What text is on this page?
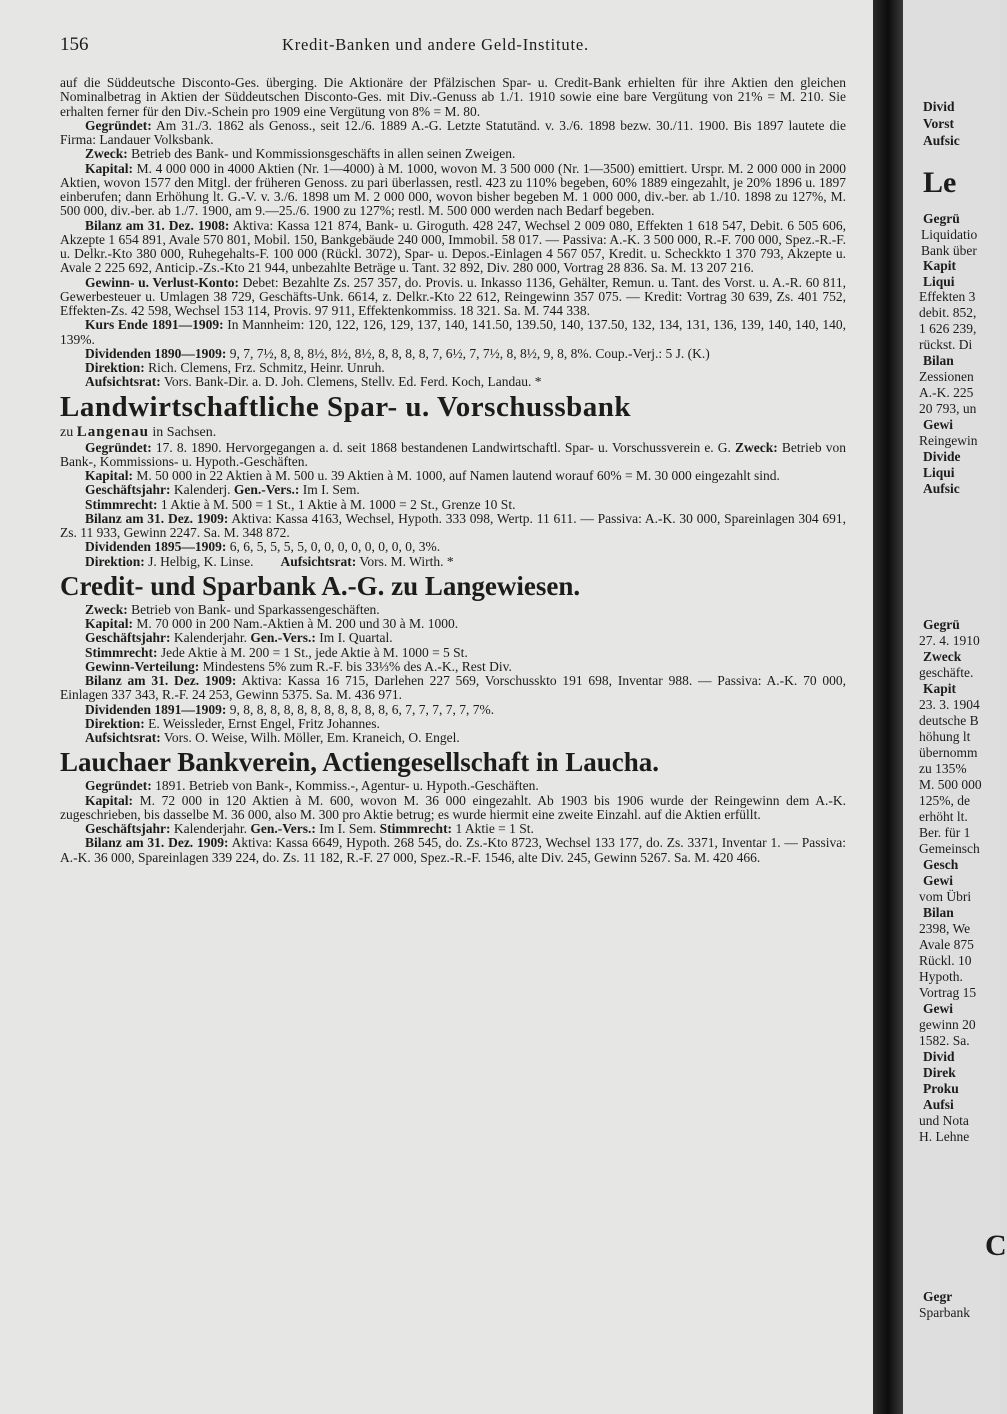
156	Kredit-Banken und andere Geld-Institute.

auf die Süddeutsche Disconto-Ges. überging. Die Aktionäre der Pfälzischen Spar- u. Credit-Bank erhielten für ihre Aktien den gleichen Nominalbetrag in Aktien der Süddeutschen Disconto-Ges. mit Div.-Genuss ab 1./1. 1910 sowie eine bare Vergütung von 21% = M. 210. Sie erhalten ferner für den Div.-Schein pro 1909 eine Vergütung von 8% = M. 80.

Gegründet: Am 31./3. 1862 als Genoss., seit 12./6. 1889 A.-G. Letzte Statutänd. v. 3./6. 1898 bezw. 30./11. 1900. Bis 1897 lautete die Firma: Landauer Volksbank.

Zweck: Betrieb des Bank- und Kommissionsgeschäfts in allen seinen Zweigen.

Kapital: M. 4 000 000 in 4000 Aktien (Nr. 1—4000) à M. 1000, wovon M. 3 500 000 (Nr. 1—3500) emittiert. Urspr. M. 2 000 000 in 2000 Aktien, wovon 1577 den Mitgl. der früheren Genoss. zu pari überlassen, restl. 423 zu 110% begeben, 60% 1889 eingezahlt, je 20% 1896 u. 1897 einberufen; dann Erhöhung lt. G.-V. v. 3./6. 1898 um M. 2 000 000, wovon bisher begeben M. 1 000 000, div.-ber. ab 1./10. 1898 zu 127%, M. 500 000, div.-ber. ab 1./7. 1900, am 9.—25./6. 1900 zu 127%; restl. M. 500 000 werden nach Bedarf begeben.

Bilanz am 31. Dez. 1908: Aktiva: Kassa 121 874, Bank- u. Giroguth. 428 247, Wechsel 2 009 080, Effekten 1 618 547, Debit. 6 505 606, Akzepte 1 654 891, Avale 570 801, Mobil. 150, Bankgebäude 240 000, Immobil. 58 017. — Passiva: A.-K. 3 500 000, R.-F. 700 000, Spez.-R.-F. u. Delkr.-Kto 380 000, Ruhegehalts-F. 100 000 (Rückl. 3072), Spar- u. Depos.-Einlagen 4 567 057, Kredit. u. Scheckkto 1 370 793, Akzepte u. Avale 2 225 692, Anticip.-Zs.-Kto 21 944, unbezahlte Beträge u. Tant. 32 892, Div. 280 000, Vortrag 28 836. Sa. M. 13 207 216.

Gewinn- u. Verlust-Konto: Debet: Bezahlte Zs. 257 357, do. Provis. u. Inkasso 1136, Gehälter, Remun. u. Tant. des Vorst. u. A.-R. 60 811, Gewerbesteuer u. Umlagen 38 729, Geschäfts-Unk. 6614, z. Delkr.-Kto 22 612, Reingewinn 357 075. — Kredit: Vortrag 30 639, Zs. 401 752, Effekten-Zs. 42 598, Wechsel 153 114, Provis. 97 911, Effektenkommiss. 18 321. Sa. M. 744 338.

Kurs Ende 1891—1909: In Mannheim: 120, 122, 126, 129, 137, 140, 141.50, 139.50, 140, 137.50, 132, 134, 131, 136, 139, 140, 140, 140, 139%.

Dividenden 1890—1909: 9, 7, 7½, 8, 8, 8½, 8½, 8½, 8, 8, 8, 8, 7, 6½, 7, 7½, 8, 8½, 9, 8, 8%. Coup.-Verj.: 5 J. (K.)

Direktion: Rich. Clemens, Frz. Schmitz, Heinr. Unruh.

Aufsichtsrat: Vors. Bank-Dir. a. D. Joh. Clemens, Stellv. Ed. Ferd. Koch, Landau. *

Landwirtschaftliche Spar- u. Vorschussbank

zu Langenau in Sachsen.

Gegründet: 17. 8. 1890. Hervorgegangen a. d. seit 1868 bestandenen Landwirtschaftl. Spar- u. Vorschussverein e. G. Zweck: Betrieb von Bank-, Kommissions- u. Hypoth.-Geschäften.

Kapital: M. 50 000 in 22 Aktien à M. 500 u. 39 Aktien à M. 1000, auf Namen lautend worauf 60% = M. 30 000 eingezahlt sind.

Geschäftsjahr: Kalenderj. Gen.-Vers.: Im I. Sem.

Stimmrecht: 1 Aktie à M. 500 = 1 St., 1 Aktie à M. 1000 = 2 St., Grenze 10 St.

Bilanz am 31. Dez. 1909: Aktiva: Kassa 4163, Wechsel, Hypoth. 333 098, Wertp. 11 611. — Passiva: A.-K. 30 000, Spareinlagen 304 691, Zs. 11 933, Gewinn 2247. Sa. M. 348 872.

Dividenden 1895—1909: 6, 6, 5, 5, 5, 5, 0, 0, 0, 0, 0, 0, 0, 0, 3%.

Direktion: J. Helbig, K. Linse. Aufsichtsrat: Vors. M. Wirth. *

Credit- und Sparbank A.-G. zu Langewiesen.

Zweck: Betrieb von Bank- und Sparkassengeschäften.

Kapital: M. 70 000 in 200 Nam.-Aktien à M. 200 und 30 à M. 1000.

Geschäftsjahr: Kalenderjahr. Gen.-Vers.: Im I. Quartal.

Stimmrecht: Jede Aktie à M. 200 = 1 St., jede Aktie à M. 1000 = 5 St.

Gewinn-Verteilung: Mindestens 5% zum R.-F. bis 33⅓% des A.-K., Rest Div.

Bilanz am 31. Dez. 1909: Aktiva: Kassa 16 715, Darlehen 227 569, Vorschusskto 191 698, Inventar 988. — Passiva: A.-K. 70 000, Einlagen 337 343, R.-F. 24 253, Gewinn 5375. Sa. M. 436 971.

Dividenden 1891—1909: 9, 8, 8, 8, 8, 8, 8, 8, 8, 8, 8, 8, 6, 7, 7, 7, 7, 7, 7%.

Direktion: E. Weissleder, Ernst Engel, Fritz Johannes.

Aufsichtsrat: Vors. O. Weise, Wilh. Möller, Em. Kraneich, O. Engel.

Lauchaer Bankverein, Actiengesellschaft in Laucha.

Gegründet: 1891. Betrieb von Bank-, Kommiss.-, Agentur- u. Hypoth.-Geschäften.

Kapital: M. 72 000 in 120 Aktien à M. 600, wovon M. 36 000 eingezahlt. Ab 1903 bis 1906 wurde der Reingewinn dem A.-K. zugeschrieben, bis dasselbe M. 36 000, also M. 300 pro Aktie betrug; es wurde hiermit eine zweite Einzahl. auf die Aktien erfüllt.

Geschäftsjahr: Kalenderjahr. Gen.-Vers.: Im I. Sem. Stimmrecht: 1 Aktie = 1 St.

Bilanz am 31. Dez. 1909: Aktiva: Kassa 6649, Hypoth. 268 545, do. Zs.-Kto 8723, Wechsel 133 177, do. Zs. 3371, Inventar 1. — Passiva: A.-K. 36 000, Spareinlagen 339 224, do. Zs. 11 182, R.-F. 27 000, Spez.-R.-F. 1546, alte Div. 245, Gewinn 5267. Sa. M. 420 466.

Divid
Vorst
Aufsic
Le
Gegrü
Liquidatio
Bank über
Kapit
Liqui
Effekten 3
debit. 852,
1 626 239,
rückst. Di
Bilan
Zessionen
A.-K. 225
20 793, un
Gewi
Reingewin
Divide
Liqui
Aufsic
Gegrü
27. 4. 1910
Zweck
geschäfte.
Kapit
23. 3. 1904
deutsche B
höhung lt
übernomm
zu 135%
M. 500 000
125%, de
erhöht lt.
Ber. für 1
Gemeinsch
Gesch
Gewi
vom Übri
Bilan
2398, We
Avale 875
Rückl. 10
Hypoth.
Vortrag 15
Gewi
gewinn 20
1582. Sa.
Divid
Direk
Proku
Aufsi
und Nota
H. Lehne
C
Gegr
Sparbank
